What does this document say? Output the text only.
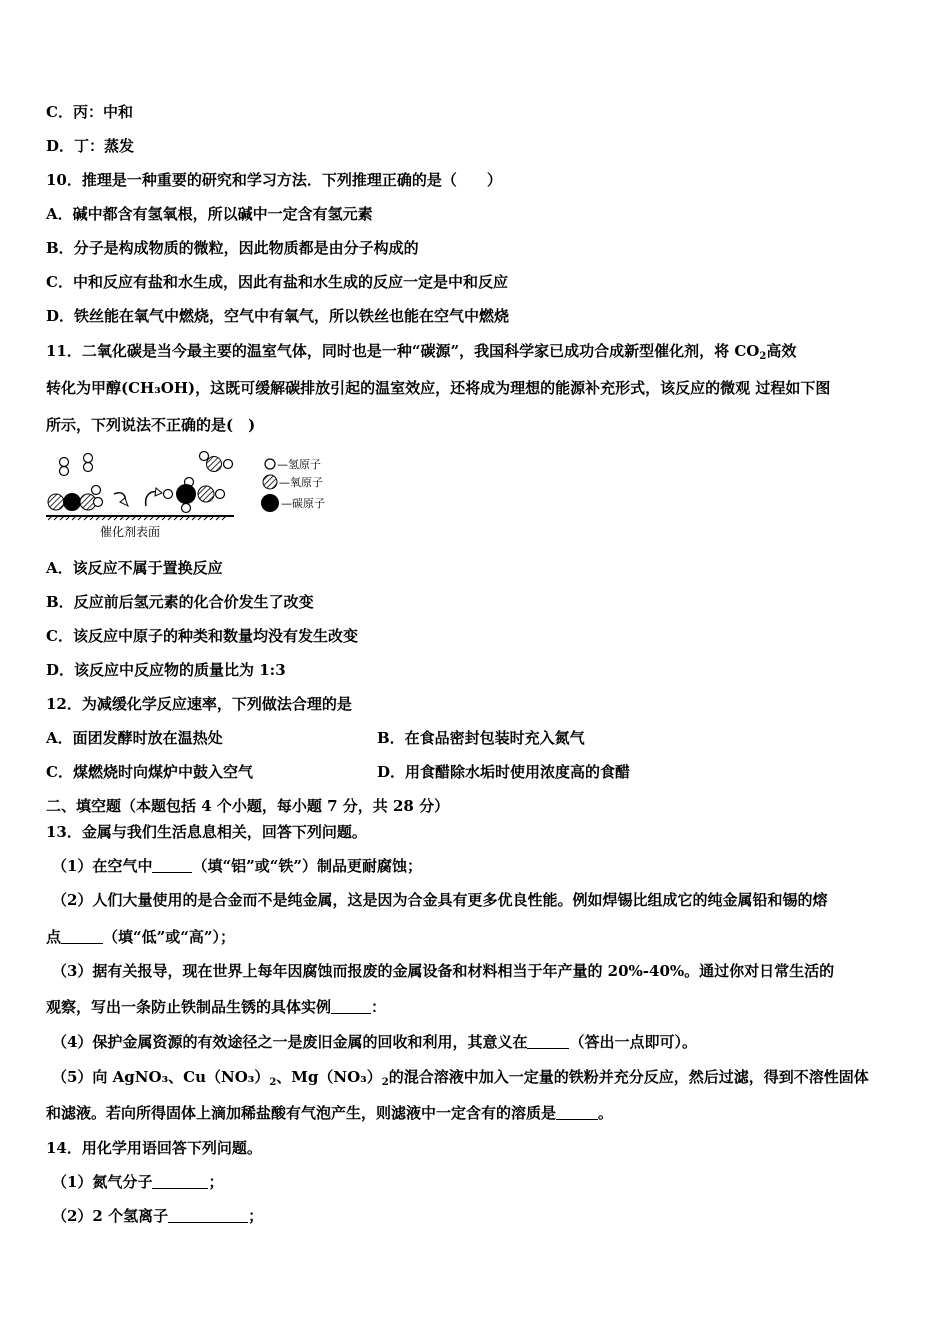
C．丙：中和
D．丁：蒸发
10．推理是一种重要的研究和学习方法．下列推理正确的是（　　）
A．碱中都含有氢氧根，所以碱中一定含有氢元素
B．分子是构成物质的微粒，因此物质都是由分子构成的
C．中和反应有盐和水生成，因此有盐和水生成的反应一定是中和反应
D．铁丝能在氧气中燃烧，空气中有氧气，所以铁丝也能在空气中燃烧
11．二氧化碳是当今最主要的温室气体，同时也是一种“碳源”，我国科学家已成功合成新型催化剂，将 $CO_2$高效
转化为甲醇(CH₃OH)，这既可缓解碳排放引起的温室效应，还将成为理想的能源补充形式，该反应的微观 过程如下图
所示，下列说法不正确的是(　)
催化剂表面
—氢原子
—氧原子
—碳原子
A．该反应不属于置换反应
B．反应前后氢元素的化合价发生了改变
C．该反应中原子的种类和数量均没有发生改变
D．该反应中反应物的质量比为 1:3
12．为减缓化学反应速率，下列做法合理的是
A．面团发酵时放在温热处	B．在食品密封包装时充入氮气
C．煤燃烧时向煤炉中鼓入空气	D．用食醋除水垢时使用浓度高的食醋
二、填空题（本题包括 4 个小题，每小题 7 分，共 28 分）
13．金属与我们生活息息相关，回答下列问题。
（1）在空气中	（填“铝”或“铁”）制品更耐腐蚀；
（2）人们大量使用的是合金而不是纯金属，这是因为合金具有更多优良性能。例如焊锡比组成它的纯金属铅和锡的熔
点	（填“低”或“高”）；
（3）据有关报导，现在世界上每年因腐蚀而报废的金属设备和材料相当于年产量的 20%-40%。通过你对日常生活的
观察，写出一条防止铁制品生锈的具体实例	：
（4）保护金属资源的有效途径之一是废旧金属的回收和利用，其意义在	（答出一点即可）。
（5）向 AgNO₃、$Cu(NO_3)_2$、$Mg(NO_3)_2$的混合溶液中加入一定量的铁粉并充分反应，然后过滤，得到不溶性固体
和滤液。若向所得固体上滴加稀盐酸有气泡产生，则滤液中一定含有的溶质是	。
14．用化学用语回答下列问题。
（1）氮气分子	；
（2）2 个氢离子	；
